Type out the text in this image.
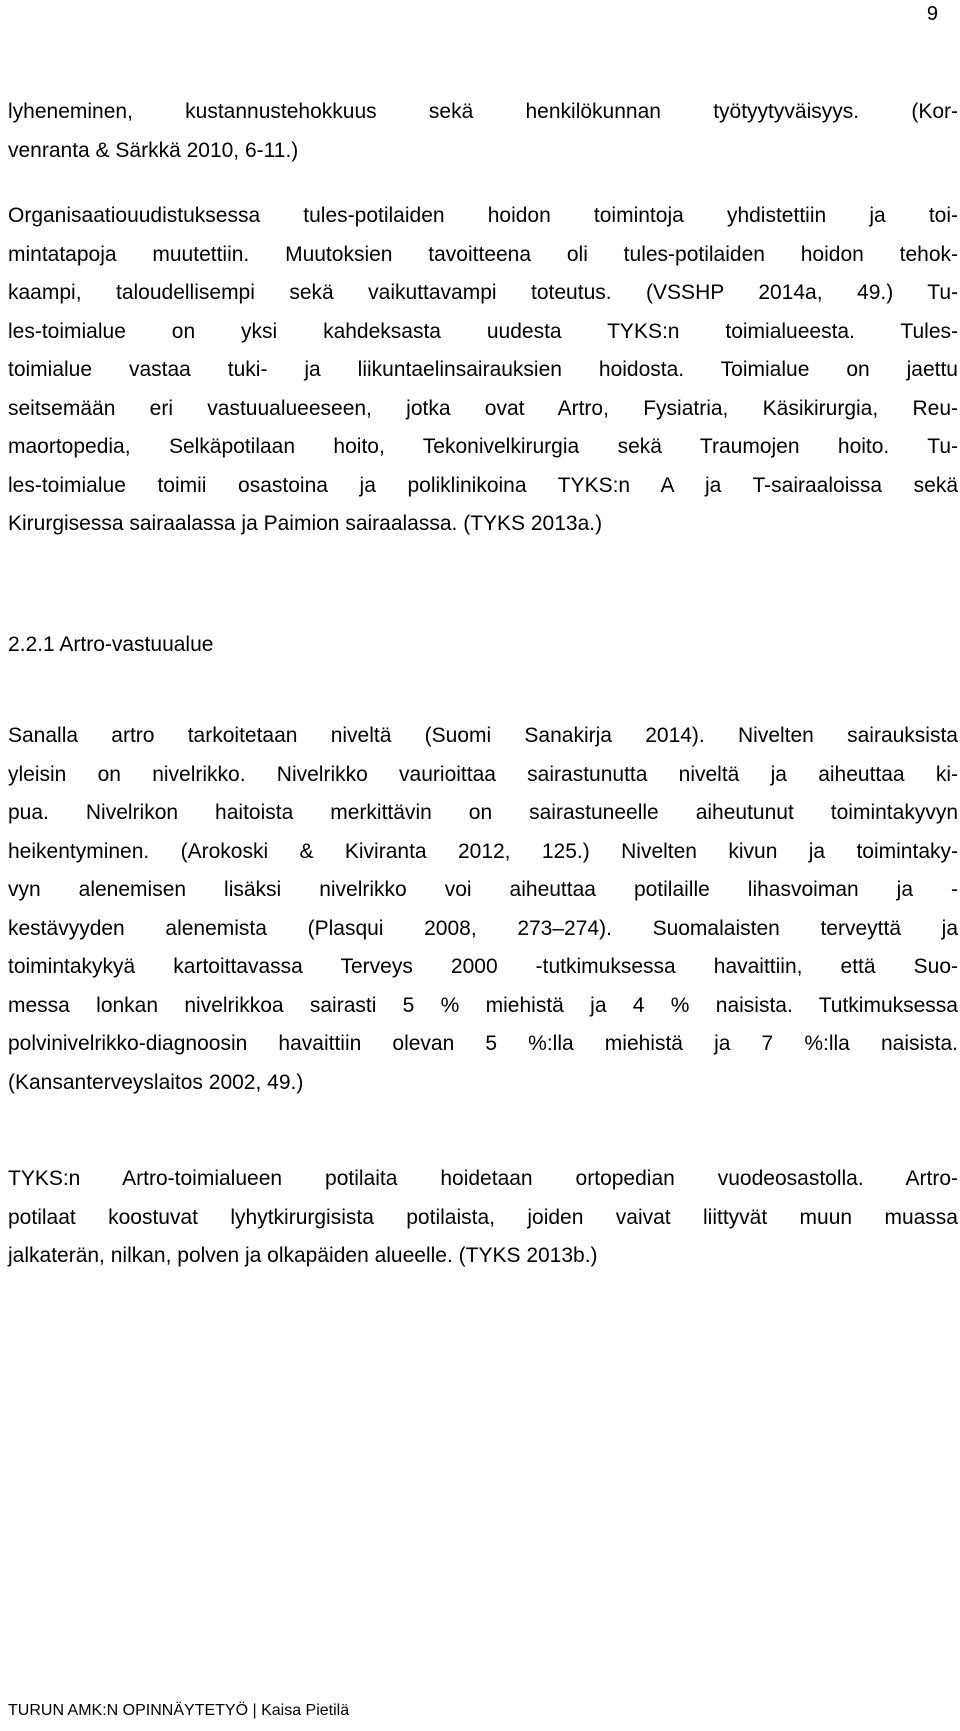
9
lyheneminen, kustannustehokkuus sekä henkilökunnan työtyytyväisyys. (Kor-
venranta & Särkkä 2010, 6-11.)
Organisaatiouudistuksessa tules-potilaiden hoidon toimintoja yhdistettiin ja toi-
mintatapoja muutettiin. Muutoksien tavoitteena oli tules-potilaiden hoidon tehok-
kaampi, taloudellisempi sekä vaikuttavampi toteutus. (VSSHP 2014a, 49.) Tu-
les-toimialue on yksi kahdeksasta uudesta TYKS:n toimialueesta. Tules-
toimialue vastaa tuki- ja liikuntaelinsairauksien hoidosta. Toimialue on jaettu
seitsemään eri vastuualueeseen, jotka ovat Artro, Fysiatria, Käsikirurgia, Reu-
maortopedia, Selkäpotilaan hoito, Tekonivelkirurgia sekä Traumojen hoito. Tu-
les-toimialue toimii osastoina ja poliklinikoina TYKS:n A ja T-sairaaloissa sekä
Kirurgisessa sairaalassa ja Paimion sairaalassa. (TYKS 2013a.)
2.2.1 Artro-vastuualue
Sanalla artro tarkoitetaan niveltä (Suomi Sanakirja 2014). Nivelten sairauksista
yleisin on nivelrikko. Nivelrikko vaurioittaa sairastunutta niveltä ja aiheuttaa ki-
pua. Nivelrikon haitoista merkittävin on sairastuneelle aiheutunut toimintakyvyn
heikentyminen. (Arokoski & Kiviranta 2012, 125.) Nivelten kivun ja toimintaky-
vyn alenemisen lisäksi nivelrikko voi aiheuttaa potilaille lihasvoiman ja -
kestävyyden alenemista (Plasqui 2008, 273–274). Suomalaisten terveyttä ja
toimintakykyä kartoittavassa Terveys 2000 -tutkimuksessa havaittiin, että Suo-
messa lonkan nivelrikkoa sairasti 5 % miehistä ja 4 % naisista. Tutkimuksessa
polvinivelrikko-diagnoosin havaittiin olevan 5 %:lla miehistä ja 7 %:lla naisista.
(Kansanterveyslaitos 2002, 49.)
TYKS:n Artro-toimialueen potilaita hoidetaan ortopedian vuodeosastolla. Artro-
potilaat koostuvat lyhytkirurgisista potilaista, joiden vaivat liittyvät muun muassa
jalkaterän, nilkan, polven ja olkapäiden alueelle. (TYKS 2013b.)
TURUN AMK:N OPINNÄYTETYÖ | Kaisa Pietilä
